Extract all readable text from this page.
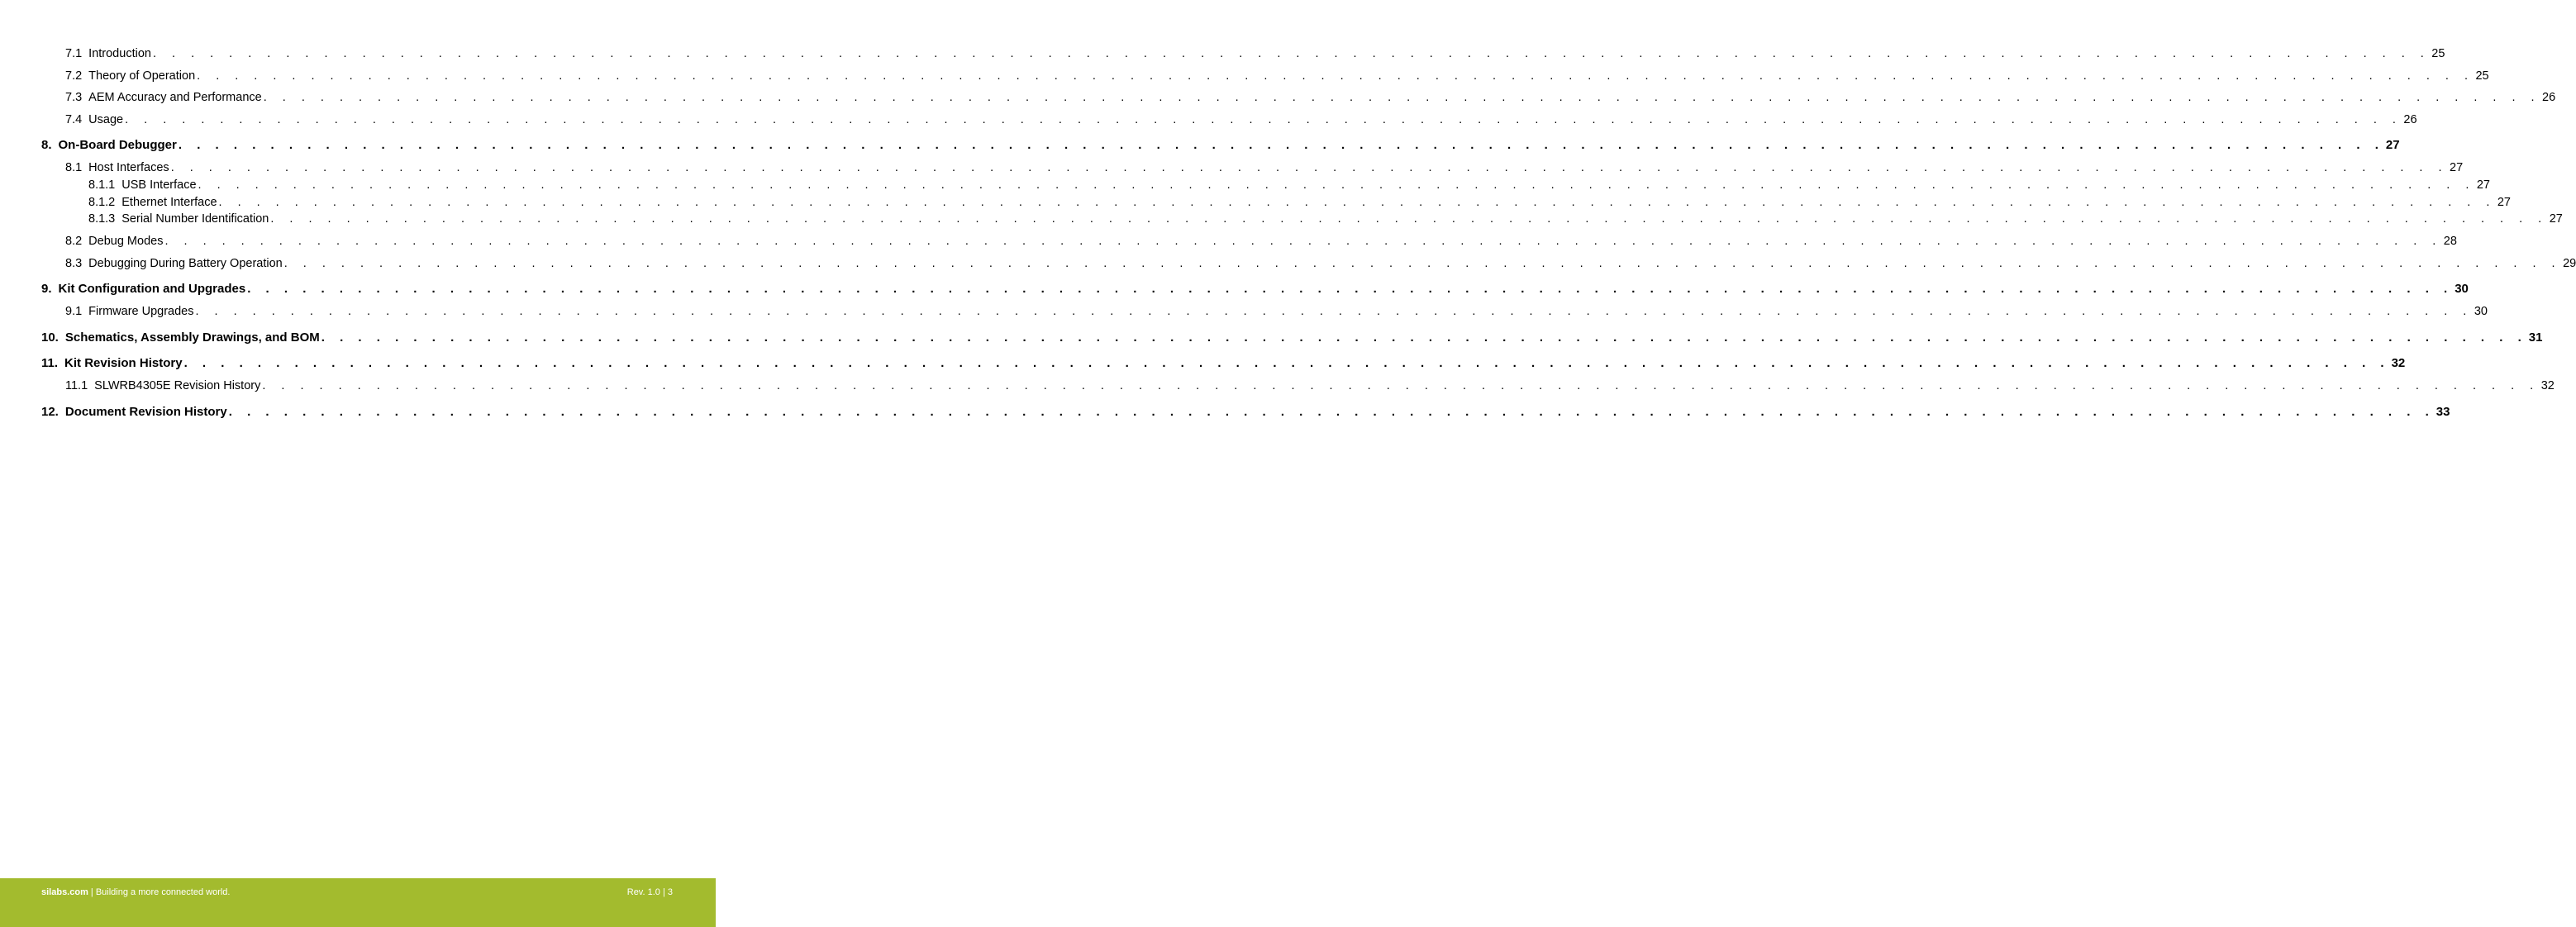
7.1 Introduction . . . . . . . . . . . . . . . . . . . . . . . . . . . . . . . . . . . . . . . . . . . . . . . . . . . . . . . . . . . . . . . . . . . . . . . . . . . . . . . . . . . . . . . . . . . . . . . . . . . . . . . . . . . . . . . . . . . . . . . . 25
7.2 Theory of Operation . . . . . . . . . . . . . . . . . . . . . . . . . . . . . . . . . . . . . . . . . . . . . . . . . . . . . . . . . . . . . . . . . . . . . . . . . . . . . . . . . . . . . . . . . . . . . . . . . . . . . . . . . . . . . . . . . . . . . . . . 25
7.3 AEM Accuracy and Performance . . . . . . . . . . . . . . . . . . . . . . . . . . . . . . . . . . . . . . . . . . . . . . . . . . . . . . . . . . . . . . . . . . . . . . . . . . . . . . . . . . . . . . . . . . . . . . . . . . . . . . . . . . . . . . . . . . . . . . . . 26
7.4 Usage . . . . . . . . . . . . . . . . . . . . . . . . . . . . . . . . . . . . . . . . . . . . . . . . . . . . . . . . . . . . . . . . . . . . . . . . . . . . . . . . . . . . . . . . . . . . . . . . . . . . . . . . . . . . . . . . . . . . . . . . 26
8. On-Board Debugger . . . . . . . . . . . . . . . . . . . . . . . . . . . . . . . . . . . . . . . . . . . . . . . . . . . . . . . . . . . . . . . . . . . . . . . . . . . . . . . . . . . . . . . . . . . . . . . . . . . . . . . . . . . . . . . . . . . . . . . . 27
8.1 Host Interfaces . . . . . . . . . . . . . . . . . . . . . . . . . . . . . . . . . . . . . . . . . . . . . . . . . . . . . . . . . . . . . . . . . . . . . . . . . . . . . . . . . . . . . . . . . . . . . . . . . . . . . . . . . . . . . . . . . . . . . . . . 27
8.1.1 USB Interface . . . . . . . . . . . . . . . . . . . . . . . . . . . . . . . . . . . . . . . . . . . . . . . . . . . . . . . . . . . . . . . . . . . . . . . . . . . . . . . . . . . . . . . . . . . . . . . . . . . . . . . . . . . . . . . . . . . . . . . . 27
8.1.2 Ethernet Interface . . . . . . . . . . . . . . . . . . . . . . . . . . . . . . . . . . . . . . . . . . . . . . . . . . . . . . . . . . . . . . . . . . . . . . . . . . . . . . . . . . . . . . . . . . . . . . . . . . . . . . . . . . . . . . . . . . . . . . . . 27
8.1.3 Serial Number Identification . . . . . . . . . . . . . . . . . . . . . . . . . . . . . . . . . . . . . . . . . . . . . . . . . . . . . . . . . . . . . . . . . . . . . . . . . . . . . . . . . . . . . . . . . . . . . . . . . . . . . . . . . . . . . . . . . . . . . . . . 27
8.2 Debug Modes . . . . . . . . . . . . . . . . . . . . . . . . . . . . . . . . . . . . . . . . . . . . . . . . . . . . . . . . . . . . . . . . . . . . . . . . . . . . . . . . . . . . . . . . . . . . . . . . . . . . . . . . . . . . . . . . . . . . . . . . 28
8.3 Debugging During Battery Operation . . . . . . . . . . . . . . . . . . . . . . . . . . . . . . . . . . . . . . . . . . . . . . . . . . . . . . . . . . . . . . . . . . . . . . . . . . . . . . . . . . . . . . . . . . . . . . . . . . . . . . . . . . . . . . . . . . . . . . . . 29
9. Kit Configuration and Upgrades . . . . . . . . . . . . . . . . . . . . . . . . . . . . . . . . . . . . . . . . . . . . . . . . . . . . . . . . . . . . . . . . . . . . . . . . . . . . . . . . . . . . . . . . . . . . . . . . . . . . . . . . . . . . . . . . . . . . . . . . 30
9.1 Firmware Upgrades . . . . . . . . . . . . . . . . . . . . . . . . . . . . . . . . . . . . . . . . . . . . . . . . . . . . . . . . . . . . . . . . . . . . . . . . . . . . . . . . . . . . . . . . . . . . . . . . . . . . . . . . . . . . . . . . . . . . . . . . 30
10. Schematics, Assembly Drawings, and BOM . . . . . . . . . . . . . . . . . . . . . . . . . . . . . . . . . . . . . . . . . . . . . . . . . . . . . . . . . . . . . . . . . . . . . . . . . . . . . . . . . . . . . . . . . . . . . . . . . . . . . . . . . . . . . . . . . . . . . . . . 31
11. Kit Revision History . . . . . . . . . . . . . . . . . . . . . . . . . . . . . . . . . . . . . . . . . . . . . . . . . . . . . . . . . . . . . . . . . . . . . . . . . . . . . . . . . . . . . . . . . . . . . . . . . . . . . . . . . . . . . . . . . . . . . . . . 32
11.1 SLWRB4305E Revision History . . . . . . . . . . . . . . . . . . . . . . . . . . . . . . . . . . . . . . . . . . . . . . . . . . . . . . . . . . . . . . . . . . . . . . . . . . . . . . . . . . . . . . . . . . . . . . . . . . . . . . . . . . . . . . . . . . . . . . . . 32
12. Document Revision History . . . . . . . . . . . . . . . . . . . . . . . . . . . . . . . . . . . . . . . . . . . . . . . . . . . . . . . . . . . . . . . . . . . . . . . . . . . . . . . . . . . . . . . . . . . . . . . . . . . . . . . . . . . . . . . . . . . . . . . . 33
silabs.com | Building a more connected world.	Rev. 1.0 | 3
